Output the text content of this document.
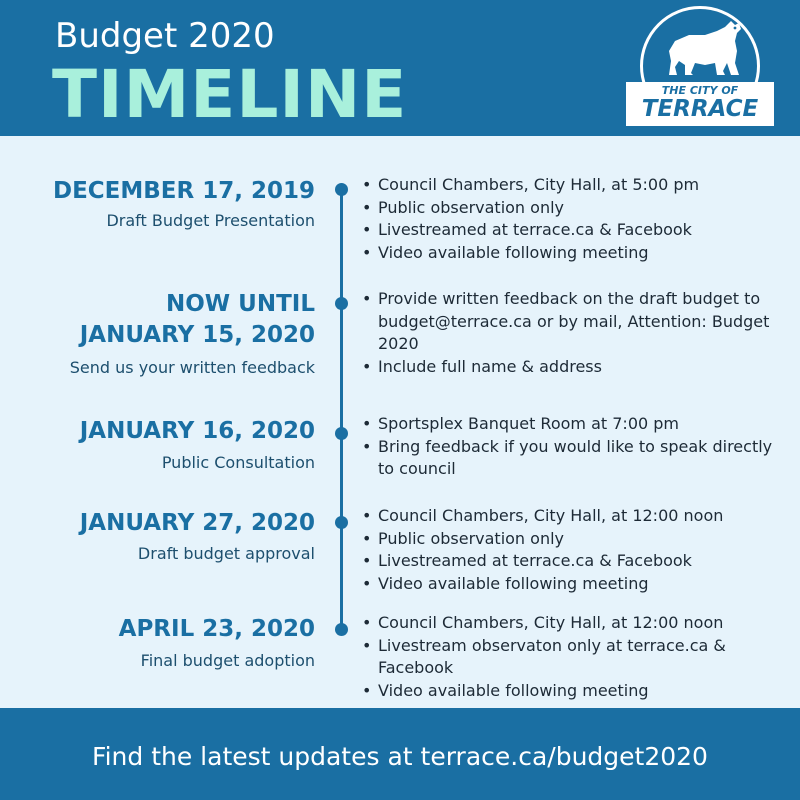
Budget 2020
TIMELINE	THE CITY OF
TERRACE
DECEMBER 17, 2019
Draft Budget Presentation
• Council Chambers, City Hall, at 5:00 pm
• Public observation only
• Livestreamed at terrace.ca & Facebook
• Video available following meeting
NOW UNTIL
JANUARY 15, 2020
Send us your written feedback
• Provide written feedback on the draft budget to budget@terrace.ca or by mail, Attention: Budget 2020
• Include full name & address
JANUARY 16, 2020
Public Consultation
• Sportsplex Banquet Room at 7:00 pm
• Bring feedback if you would like to speak directly to council
JANUARY 27, 2020
Draft budget approval
• Council Chambers, City Hall, at 12:00 noon
• Public observation only
• Livestreamed at terrace.ca & Facebook
• Video available following meeting
APRIL 23, 2020
Final budget adoption
• Council Chambers, City Hall, at 12:00 noon
• Livestream observaton only at terrace.ca & Facebook
• Video available following meeting
Find the latest updates at terrace.ca/budget2020
